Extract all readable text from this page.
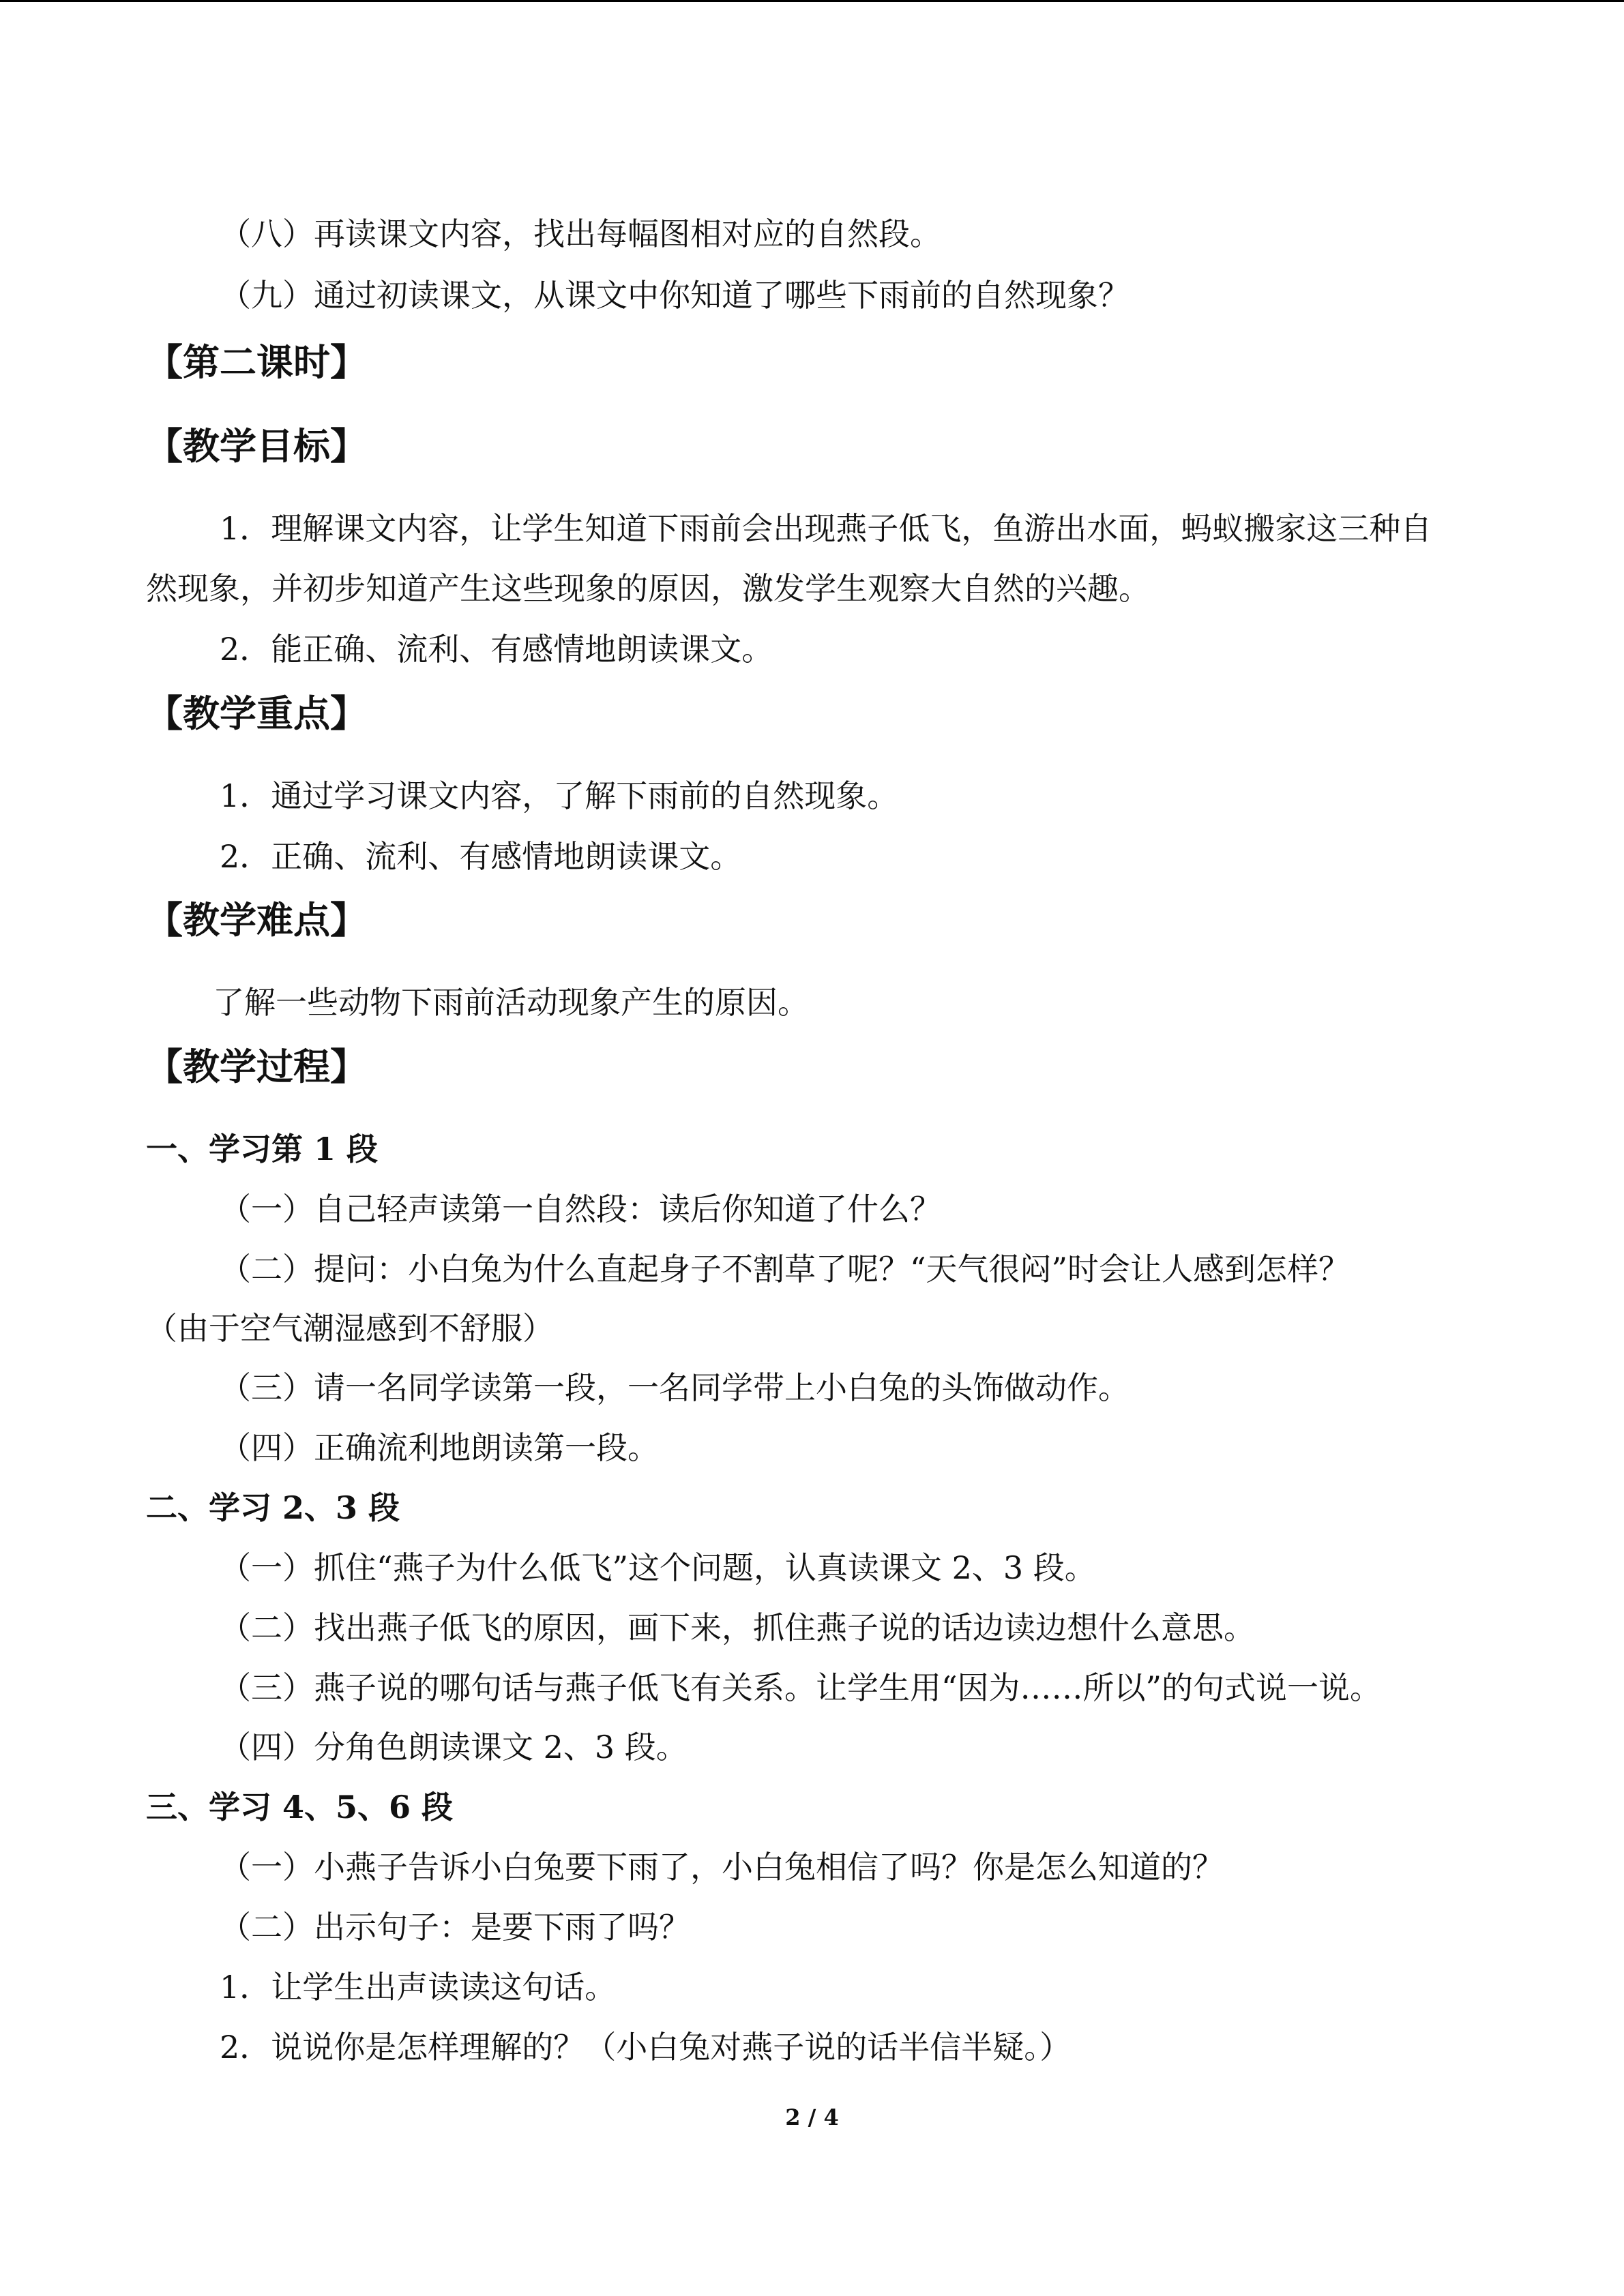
（八）再读课文内容，找出每幅图相对应的自然段。
（九）通过初读课文，从课文中你知道了哪些下雨前的自然现象？
【第二课时】
【教学目标】
1．理解课文内容，让学生知道下雨前会出现燕子低飞，鱼游出水面，蚂蚁搬家这三种自
然现象，并初步知道产生这些现象的原因，激发学生观察大自然的兴趣。
2．能正确、流利、有感情地朗读课文。
【教学重点】
1．通过学习课文内容，了解下雨前的自然现象。
2．正确、流利、有感情地朗读课文。
【教学难点】
了解一些动物下雨前活动现象产生的原因。
【教学过程】
一、学习第 1 段
（一）自己轻声读第一自然段：读后你知道了什么？
（二）提问：小白兔为什么直起身子不割草了呢？“天气很闷”时会让人感到怎样？
（由于空气潮湿感到不舒服）
（三）请一名同学读第一段，一名同学带上小白兔的头饰做动作。
（四）正确流利地朗读第一段。
二、学习 2、3 段
（一）抓住“燕子为什么低飞”这个问题，认真读课文 2、3 段。
（二）找出燕子低飞的原因，画下来，抓住燕子说的话边读边想什么意思。
（三）燕子说的哪句话与燕子低飞有关系。让学生用“因为……所以”的句式说一说。
（四）分角色朗读课文 2、3 段。
三、学习 4、5、6 段
（一）小燕子告诉小白兔要下雨了，小白兔相信了吗？你是怎么知道的？
（二）出示句子：是要下雨了吗？
1．让学生出声读读这句话。
2．说说你是怎样理解的？（小白兔对燕子说的话半信半疑。）
2 / 4
